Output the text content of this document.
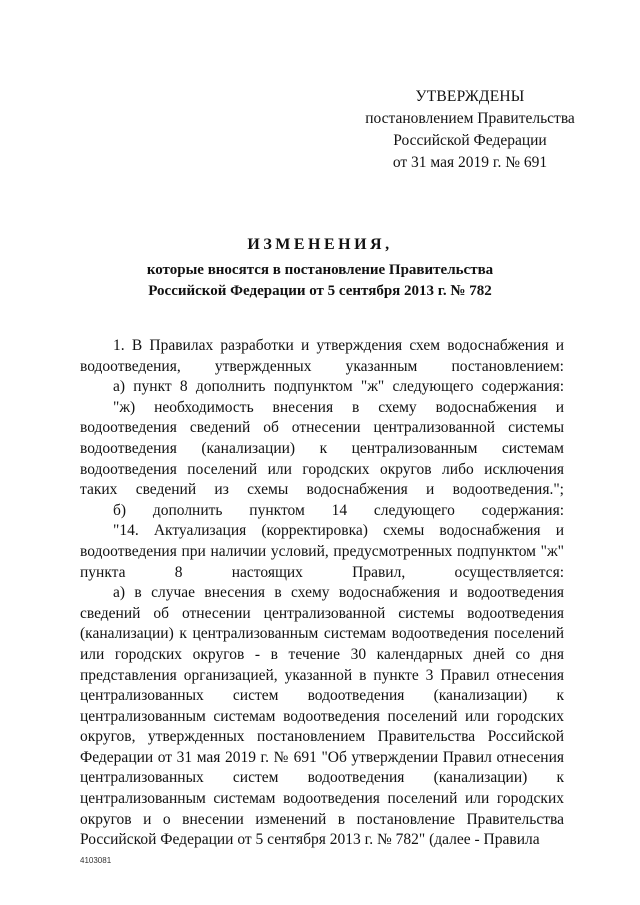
УТВЕРЖДЕНЫ
постановлением Правительства
Российской Федерации
от 31 мая 2019 г. № 691
ИЗМЕНЕНИЯ,
которые вносятся в постановление Правительства
Российской Федерации от 5 сентября 2013 г. № 782

1. В Правилах разработки и утверждения схем водоснабжения и водоотведения, утвержденных указанным постановлением:

а) пункт 8 дополнить подпунктом "ж" следующего содержания:

"ж) необходимость внесения в схему водоснабжения и водоотведения сведений об отнесении централизованной системы водоотведения (канализации) к централизованным системам водоотведения поселений или городских округов либо исключения таких сведений из схемы водоснабжения и водоотведения.";

б) дополнить пунктом 14 следующего содержания:

"14. Актуализация (корректировка) схемы водоснабжения и водоотведения при наличии условий, предусмотренных подпунктом "ж" пункта 8 настоящих Правил, осуществляется:

а) в случае внесения в схему водоснабжения и водоотведения сведений об отнесении централизованной системы водоотведения (канализации) к централизованным системам водоотведения поселений или городских округов - в течение 30 календарных дней со дня представления организацией, указанной в пункте 3 Правил отнесения централизованных систем водоотведения (канализации) к централизованным системам водоотведения поселений или городских округов, утвержденных постановлением Правительства Российской Федерации от 31 мая 2019 г. № 691 "Об утверждении Правил отнесения централизованных систем водоотведения (канализации) к централизованным системам водоотведения поселений или городских округов и о внесении изменений в постановление Правительства Российской Федерации от 5 сентября 2013 г. № 782" (далее - Правила

4103081
